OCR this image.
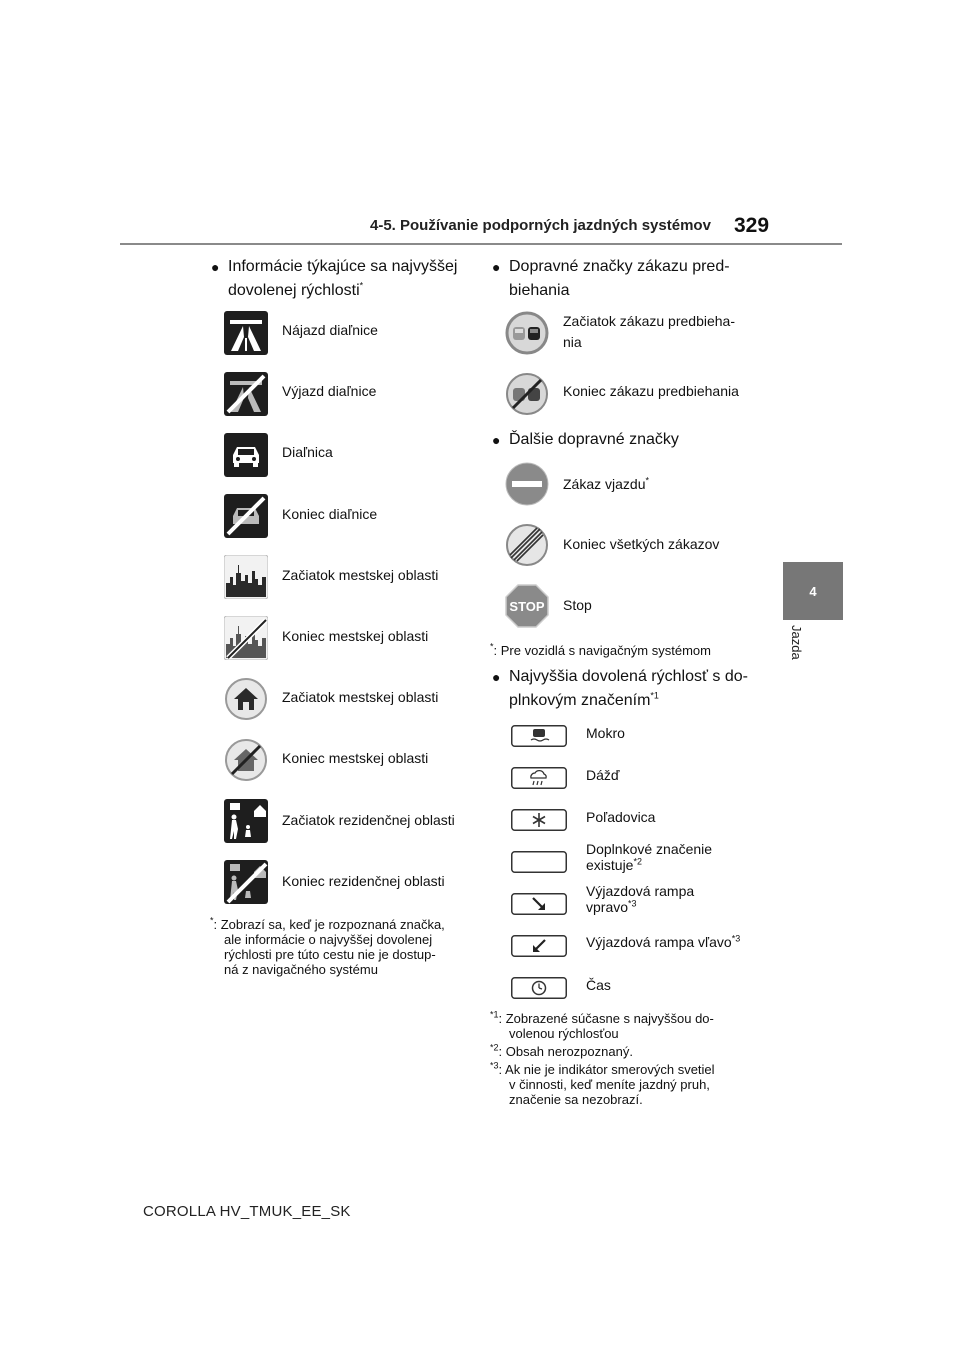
4-5. Používanie podporných jazdných systémov 329
4
Jazda
● Informácie týkajúce sa najvyššej
dovolenej rýchlosti*
Nájazd diaľnice
Výjazd diaľnice
Diaľnica
Koniec diaľnice
Začiatok mestskej oblasti
Koniec mestskej oblasti
Začiatok mestskej oblasti
Koniec mestskej oblasti
Začiatok rezidenčnej oblasti
Koniec rezidenčnej oblasti
*: Zobrazí sa, keď je rozpoznaná značka,
ale informácie o najvyššej dovolenej
rýchlosti pre túto cestu nie je dostup-
ná z navigačného systému
● Dopravné značky zákazu pred-
biehania
Začiatok zákazu predbieha-
nia
Koniec zákazu predbiehania
● Ďalšie dopravné značky
STOP
Zákaz vjazdu*
Koniec všetkých zákazov
Stop
*: Pre vozidlá s navigačným systémom
● Najvyššia dovolená rýchlosť s do-
plnkovým značením$^{*1}$
Mokro
Dážď
Poľadovica
Doplnkové značenie
existuje$^{*2}$
Výjazdová rampa
vpravo$^{*3}$
Výjazdová rampa vľavo$^{*3}$
Čas
$^{*1}$: Zobrazené súčasne s najvyššou do-
volenou rýchlosťou
$^{*2}$: Obsah nerozpoznaný.
$^{*3}$: Ak nie je indikátor smerových svetiel
v činnosti, keď meníte jazdný pruh,
značenie sa nezobrazí.
COROLLA HV_TMUK_EE_SK
